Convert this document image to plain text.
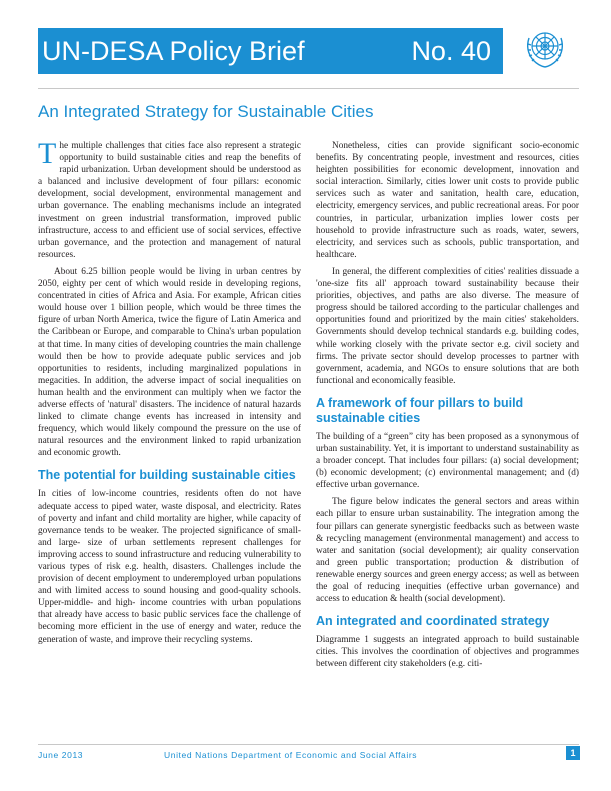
UN-DESA Policy Brief	No. 40
An Integrated Strategy for Sustainable Cities

The multiple challenges that cities face also represent a strategic opportunity to build sustainable cities and reap the benefits of rapid urbanization. Urban development should be understood as a balanced and inclusive development of four pillars: economic development, social development, environmental management and urban governance. The enabling mechanisms include an integrated investment on green industrial transformation, improved public infrastructure, access to and efficient use of social services, effective urban governance, and the protection and management of natural resources.

About 6.25 billion people would be living in urban centres by 2050, eighty per cent of which would reside in developing regions, concentrated in cities of Africa and Asia. For example, African cities would house over 1 billion people, which would be three times the figure of urban North America, twice the figure of Latin America and the Caribbean or Europe, and comparable to China's urban population at that time. In many cities of developing countries the main challenge would then be how to provide adequate public services and job opportunities to residents, including marginalized populations in megacities. In addition, the adverse impact of social inequalities on human health and the environment can multiply when we factor the adverse effects of 'natural' disasters. The incidence of natural hazards linked to climate change events has increased in intensity and frequency, which would likely compound the pressure on the use of natural resources and the environment linked to rapid urbanization and economic growth.

The potential for building sustainable cities

In cities of low-income countries, residents often do not have adequate access to piped water, waste disposal, and electricity. Rates of poverty and infant and child mortality are higher, while capacity of governance tends to be weaker. The projected significance of small- and large- size of urban settlements represent challenges for improving access to sound infrastructure and reducing vulnerability to various types of risk e.g. health, disasters. Challenges include the provision of decent employment to underemployed urban populations and with limited access to sound housing and good-quality schools. Upper-middle- and high- income countries with urban populations that already have access to basic public services face the challenge of becoming more efficient in the use of energy and water, reduce the generation of waste, and improve their recycling systems.

Nonetheless, cities can provide significant socio-economic benefits. By concentrating people, investment and resources, cities heighten possibilities for economic development, innovation and social interaction. Similarly, cities lower unit costs to provide public services such as water and sanitation, health care, education, electricity, emergency services, and public recreational areas. For poor countries, in particular, urbanization implies lower costs per household to provide infrastructure such as roads, water, sewers, electricity, and services such as schools, public transportation, and healthcare.

In general, the different complexities of cities' realities dissuade a 'one-size fits all' approach toward sustainability because their priorities, objectives, and paths are also diverse. The measure of progress should be tailored according to the particular challenges and opportunities found and prioritized by the main cities' stakeholders. Governments should develop technical standards e.g. building codes, while working closely with the private sector e.g. civil society and firms. The private sector should develop processes to partner with government, academia, and NGOs to ensure solutions that are both functional and economically feasible.

A framework of four pillars to build sustainable cities

The building of a “green” city has been proposed as a synonymous of urban sustainability. Yet, it is important to understand sustainability as a broader concept. That includes four pillars: (a) social development; (b) economic development; (c) environmental management; and (d) effective urban governance.

The figure below indicates the general sectors and areas within each pillar to ensure urban sustainability. The integration among the four pillars can generate synergistic feedbacks such as between waste & recycling management (environmental management) and access to water and sanitation (social development); air quality conservation and green public transportation; production & distribution of renewable energy sources and green energy access; as well as between the goal of reducing inequities (effective urban governance) and access to education & health (social development).

An integrated and coordinated strategy

Diagramme 1 suggests an integrated approach to build sustainable cities. This involves the coordination of objectives and programmes between different city stakeholders (e.g. citi-

June 2013	United Nations Department of Economic and Social Affairs	1
